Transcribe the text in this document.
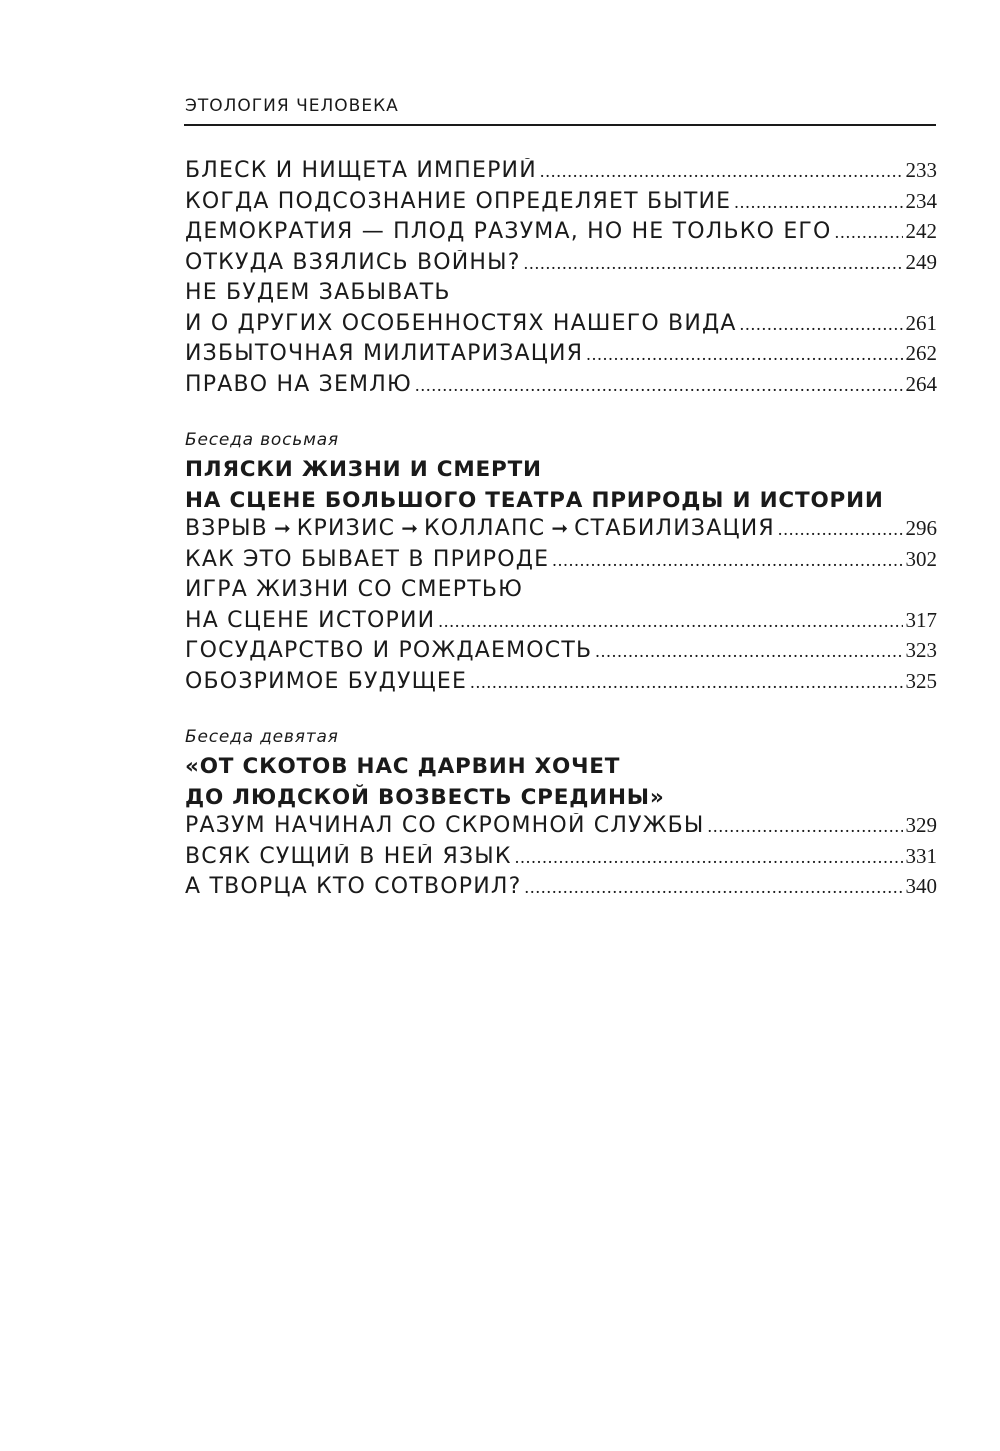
ЭТОЛОГИЯ ЧЕЛОВЕКА
БЛЕСК И НИЩЕТА ИМПЕРИЙ .....	233
КОГДА ПОДСОЗНАНИЕ ОПРЕДЕЛЯЕТ БЫТИЕ .....	234
ДЕМОКРАТИЯ — ПЛОД РАЗУМА, НО НЕ ТОЛЬКО ЕГО .....	242
ОТКУДА ВЗЯЛИСЬ ВОЙНЫ? .....	249
НЕ БУДЕМ ЗАБЫВАТЬ
И О ДРУГИХ ОСОБЕННОСТЯХ НАШЕГО ВИДА .....	261
ИЗБЫТОЧНАЯ МИЛИТАРИЗАЦИЯ .....	262
ПРАВО НА ЗЕМЛЮ .....	264
Беседа восьмая
ПЛЯСКИ ЖИЗНИ И СМЕРТИ
НА СЦЕНЕ БОЛЬШОГО ТЕАТРА ПРИРОДЫ И ИСТОРИИ
ВЗРЫВ ➞ КРИЗИС ➞ КОЛЛАПС ➞ СТАБИЛИЗАЦИЯ .....	296
КАК ЭТО БЫВАЕТ В ПРИРОДЕ .....	302
ИГРА ЖИЗНИ СО СМЕРТЬЮ
НА СЦЕНЕ ИСТОРИИ .....	317
ГОСУДАРСТВО И РОЖДАЕМОСТЬ .....	323
ОБОЗРИМОЕ БУДУЩЕЕ .....	325
Беседа девятая
«ОТ СКОТОВ НАС ДАРВИН ХОЧЕТ
ДО ЛЮДСКОЙ ВОЗВЕСТЬ СРЕДИНЫ»
РАЗУМ НАЧИНАЛ СО СКРОМНОЙ СЛУЖБЫ .....	329
ВСЯК СУЩИЙ В НЕЙ ЯЗЫК .....	331
А ТВОРЦА КТО СОТВОРИЛ? .....	340
